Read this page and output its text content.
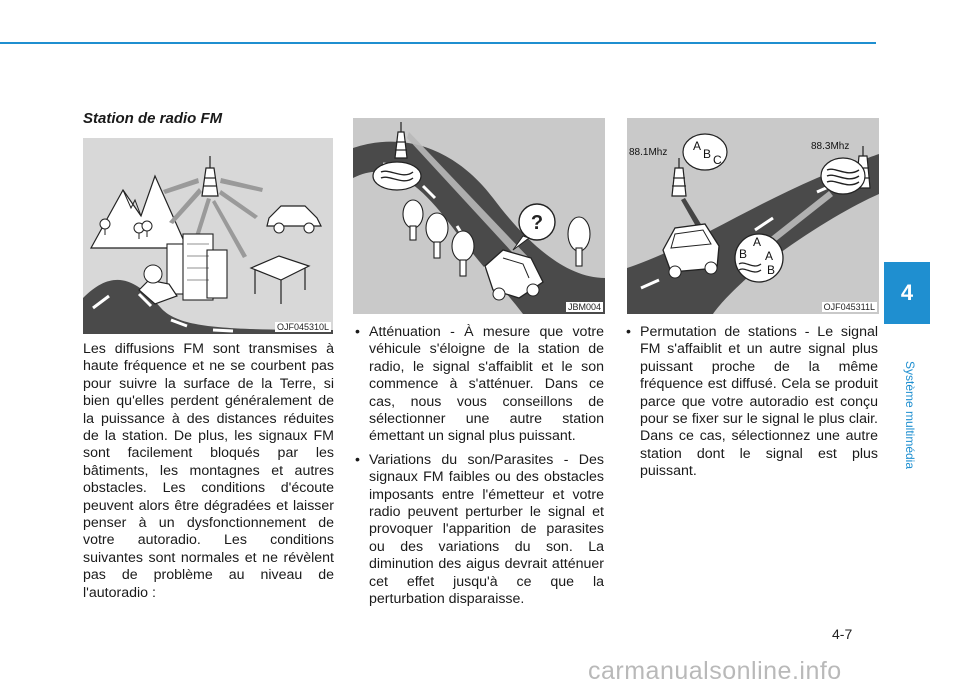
Station de radio FM
OJF045310L
?
JBM004
88.1Mhz
88.3Mhz
A
B C
A
B A
B
OJF045311L

Les diffusions FM sont transmises à haute fréquence et ne se courbent pas pour suivre la surface de la Terre, si bien qu'elles perdent généralement de la puissance à des distances réduites de la station. De plus, les signaux FM sont facilement bloqués par les bâtiments, les montagnes et autres obstacles. Les conditions d'écoute peuvent alors être dégradées et laisser penser à un dysfonctionnement de votre autoradio. Les conditions suivantes sont normales et ne révèlent pas de problème au niveau de l'autoradio :

• Atténuation - À mesure que votre véhicule s'éloigne de la station de radio, le signal s'affaiblit et le son commence à s'atténuer. Dans ce cas, nous vous conseillons de sélectionner une autre station émettant un signal plus puissant.
• Variations du son/Parasites - Des signaux FM faibles ou des obstacles imposants entre l'émetteur et votre radio peuvent perturber le signal et provoquer l'apparition de parasites ou des variations du son. La diminution des aigus devrait atténuer cet effet jusqu'à ce que la perturbation disparaisse.
• Permutation de stations - Le signal FM s'affaiblit et un autre signal plus puissant proche de la même fréquence est diffusé. Cela se produit parce que votre autoradio est conçu pour se fixer sur le signal le plus clair. Dans ce cas, sélectionnez une autre station dont le signal est plus puissant.
4
Système multimédia
4-7
carmanualsonline.info
